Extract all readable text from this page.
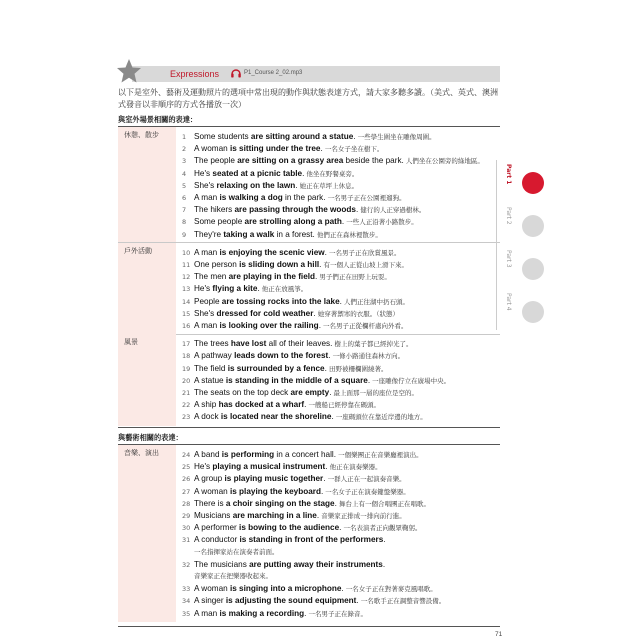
Expressions	P1_Course 2_02.mp3
以下是室外、藝術及運動照片的選項中常出現的動作與狀態表達方式，請大家多聽多讀。（美式、英式、澳洲式發音以非順序的方式各播放一次）
與室外場景相關的表達：
休憩、散步	1 Some students are sitting around a statue. 一些學生圍坐在雕像周圍。
2 A woman is sitting under the tree. 一名女子坐在樹下。
3 The people are sitting on a grassy area beside the park. 人們坐在公園旁的綠地區。
4 He's seated at a picnic table. 他坐在野餐桌旁。
5 She's relaxing on the lawn. 她正在草坪上休息。
6 A man is walking a dog in the park. 一名男子正在公園裡遛狗。
7 The hikers are passing through the woods. 健行的人正穿過樹林。
8 Some people are strolling along a path. 一些人正沿著小路散步。
9 They're taking a walk in a forest. 他們正在森林裡散步。
戶外活動	10 A man is enjoying the scenic view. 一名男子正在欣賞風景。
11 One person is sliding down a hill. 有一個人正從山坡上滑下來。
12 The men are playing in the field. 男子們正在田野上玩耍。
13 He's flying a kite. 他正在放風箏。
14 People are tossing rocks into the lake. 人們正往湖中扔石頭。
15 She's dressed for cold weather. 她穿著禦寒的衣服。（狀態）
16 A man is looking over the railing. 一名男子正從欄杆處向外看。
風景	17 The trees have lost all of their leaves. 樹上的葉子都已經掉光了。
18 A pathway leads down to the forest. 一條小路通往森林方向。
19 The field is surrounded by a fence. 田野被柵欄圍繞著。
20 A statue is standing in the middle of a square. 一座雕像佇立在廣場中央。
21 The seats on the top deck are empty. 最上面那一層的座位是空的。
22 A ship has docked at a wharf. 一艘船已經停靠在碼頭。
23 A dock is located near the shoreline. 一座碼頭位在靠近岸邊的地方。
與藝術相關的表達：
音樂、演出	24 A band is performing in a concert hall. 一個樂團正在音樂廳裡演出。
25 He's playing a musical instrument. 他正在演奏樂器。
26 A group is playing music together. 一群人正在一起演奏音樂。
27 A woman is playing the keyboard. 一名女子正在演奏鍵盤樂器。
28 There is a choir singing on the stage. 舞台上有一個合唱團正在唱歌。
29 Musicians are marching in a line. 音樂家正排成一排向前行進。
30 A performer is bowing to the audience. 一名表演者正向觀眾鞠躬。
31 A conductor is standing in front of the performers.
一名指揮家站在演奏者前面。
32 The musicians are putting away their instruments.
音樂家正在把樂器收起來。
33 A woman is singing into a microphone. 一名女子正在對著麥克風唱歌。
34 A singer is adjusting the sound equipment. 一名歌手正在調整音響設備。
35 A man is making a recording. 一名男子正在錄音。
Part 1
Part 2
Part 3
Part 4
71
